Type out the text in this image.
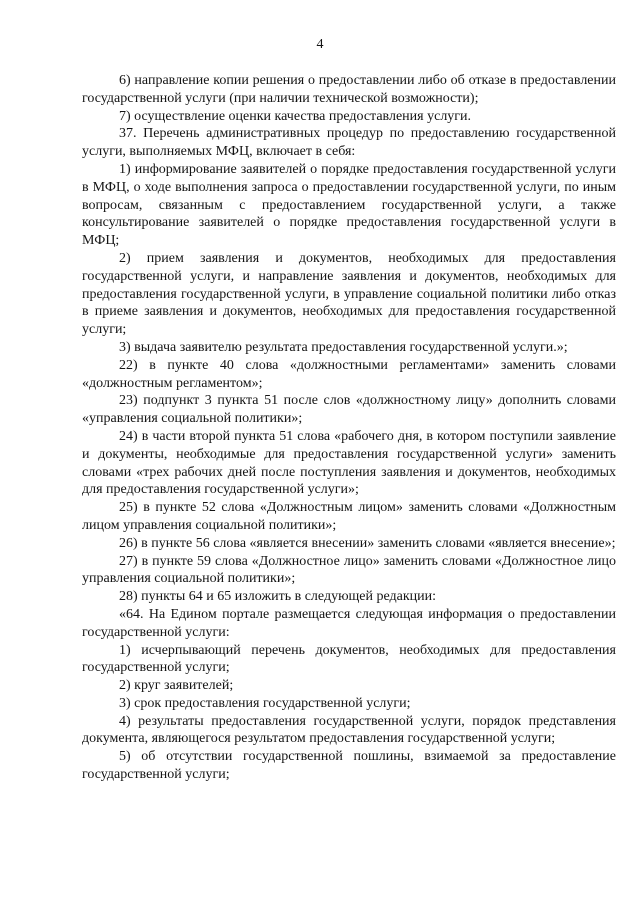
4

6) направление копии решения о предоставлении либо об отказе в предоставлении государственной услуги (при наличии технической возможности);

7) осуществление оценки качества предоставления услуги.

37. Перечень административных процедур по предоставлению государственной услуги, выполняемых МФЦ, включает в себя:

1) информирование заявителей о порядке предоставления государственной услуги в МФЦ, о ходе выполнения запроса о предоставлении государственной услуги, по иным вопросам, связанным с предоставлением государственной услуги, а также консультирование заявителей о порядке предоставления государственной услуги в МФЦ;

2) прием заявления и документов, необходимых для предоставления государственной услуги, и направление заявления и документов, необходимых для предоставления государственной услуги, в управление социальной политики либо отказ в приеме заявления и документов, необходимых для предоставления государственной услуги;

3) выдача заявителю результата предоставления государственной услуги.»;

22) в пункте 40 слова «должностными регламентами» заменить словами «должностным регламентом»;

23) подпункт 3 пункта 51 после слов «должностному лицу» дополнить словами «управления социальной политики»;

24) в части второй пункта 51 слова «рабочего дня, в котором поступили заявление и документы, необходимые для предоставления государственной услуги» заменить словами «трех рабочих дней после поступления заявления и документов, необходимых для предоставления государственной услуги»;

25) в пункте 52 слова «Должностным лицом» заменить словами «Должностным лицом управления социальной политики»;

26) в пункте 56 слова «является внесении» заменить словами «является внесение»;

27) в пункте 59 слова «Должностное лицо» заменить словами «Должностное лицо управления социальной политики»;

28) пункты 64 и 65 изложить в следующей редакции:

«64. На Едином портале размещается следующая информация о предоставлении государственной услуги:

1) исчерпывающий перечень документов, необходимых для предоставления государственной услуги;

2) круг заявителей;

3) срок предоставления государственной услуги;

4) результаты предоставления государственной услуги, порядок представления документа, являющегося результатом предоставления государственной услуги;

5) об отсутствии государственной пошлины, взимаемой за предоставление государственной услуги;
